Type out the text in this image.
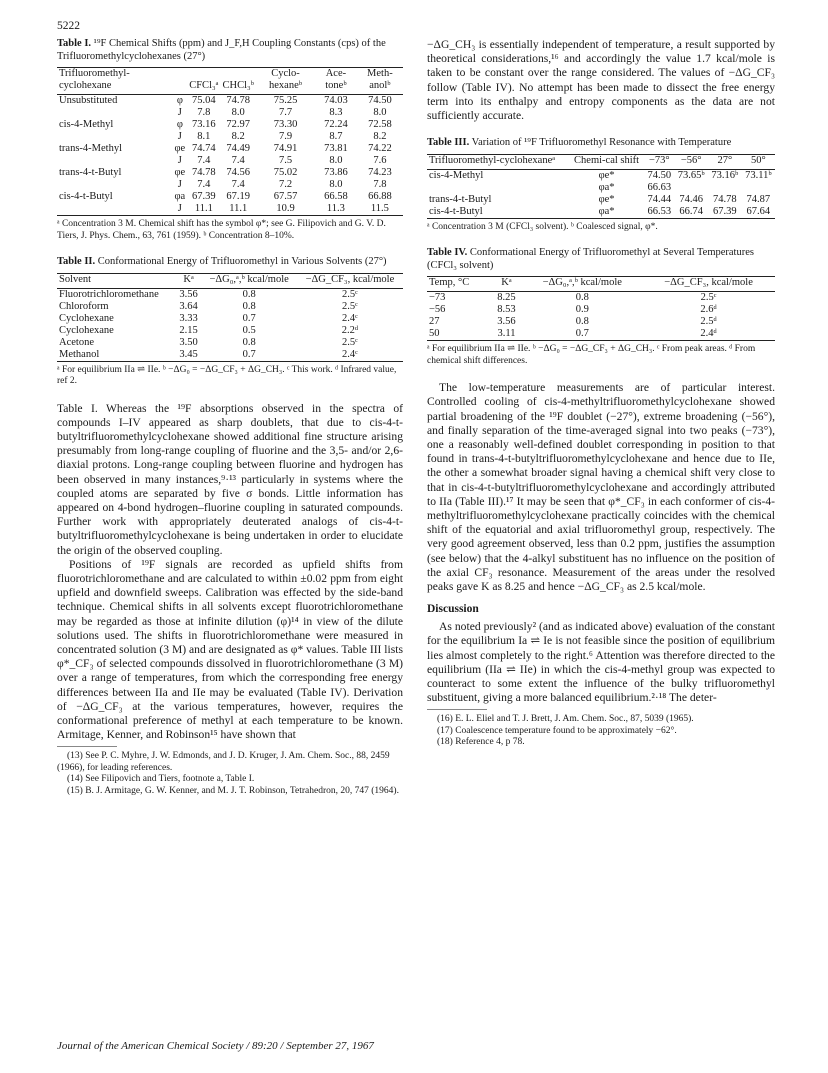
5222

Table I. ¹⁹F Chemical Shifts (ppm) and J_F,H Coupling Constants (cps) of the Trifluoromethylcyclohexanes (27°)

Trifluoromethyl-cyclohexane		CFCl₃ᵃ	CHCl₃ᵇ	Cyclo-hexaneᵇ	Ace-toneᵇ	Meth-anolᵇ
Unsubstituted	φ	75.04	74.78	75.25	74.03	74.50
	J	7.8	8.0	7.7	8.3	8.0
cis-4-Methyl	φ	73.16	72.97	73.30	72.24	72.58
	J	8.1	8.2	7.9	8.7	8.2
trans-4-Methyl	φe	74.74	74.49	74.91	73.81	74.22
	J	7.4	7.4	7.5	8.0	7.6
trans-4-t-Butyl	φe	74.78	74.56	75.02	73.86	74.23
	J	7.4	7.4	7.2	8.0	7.8
cis-4-t-Butyl	φa	67.39	67.19	67.57	66.58	66.88
	J	11.1	11.1	10.9	11.3	11.5

ᵃ Concentration 3 M. Chemical shift has the symbol φ*; see G. Filipovich and G. V. D. Tiers, J. Phys. Chem., 63, 761 (1959). ᵇ Concentration 8–10%.

Table II. Conformational Energy of Trifluoromethyl in Various Solvents (27°)

Solvent	Kᵃ	−ΔG₀,ᵃ,ᵇ kcal/mole	−ΔG_CF₃, kcal/mole
Fluorotrichloromethane	3.56	0.8	2.5ᶜ
Chloroform	3.64	0.8	2.5ᶜ
Cyclohexane	3.33	0.7	2.4ᶜ
Cyclohexane	2.15	0.5	2.2ᵈ
Acetone	3.50	0.8	2.5ᶜ
Methanol	3.45	0.7	2.4ᶜ

ᵃ For equilibrium IIa ⇌ IIe. ᵇ −ΔG₀ = −ΔG_CF₃ + ΔG_CH₃. ᶜ This work. ᵈ Infrared value, ref 2.

Table I. Whereas the ¹⁹F absorptions observed in the spectra of compounds I–IV appeared as sharp doublets, that due to cis-4-t-butyltrifluoromethylcyclohexane showed additional fine structure arising presumably from long-range coupling of fluorine and the 3,5- and/or 2,6-diaxial protons. Long-range coupling between fluorine and hydrogen has been observed in many instances,⁹·¹³ particularly in systems where the coupled atoms are separated by five σ bonds. Little information has appeared on 4-bond hydrogen–fluorine coupling in saturated compounds. Further work with appropriately deuterated analogs of cis-4-t-butyltrifluoromethylcyclohexane is being undertaken in order to elucidate the origin of the observed coupling.

Positions of ¹⁹F signals are recorded as upfield shifts from fluorotrichloromethane and are calculated to within ±0.02 ppm from eight upfield and downfield sweeps. Calibration was effected by the side-band technique. Chemical shifts in all solvents except fluorotrichloromethane may be regarded as those at infinite dilution (φ)¹⁴ in view of the dilute solutions used. The shifts in fluorotrichloromethane were measured in concentrated solution (3 M) and are designated as φ* values. Table III lists φ*_CF₃ of selected compounds dissolved in fluorotrichloromethane (3 M) over a range of temperatures, from which the corresponding free energy differences between IIa and IIe may be evaluated (Table IV). Derivation of −ΔG_CF₃ at the various temperatures, however, requires the conformational preference of methyl at each temperature to be known. Armitage, Kenner, and Robinson¹⁵ have shown that

(13) See P. C. Myhre, J. W. Edmonds, and J. D. Kruger, J. Am. Chem. Soc., 88, 2459 (1966), for leading references.
(14) See Filipovich and Tiers, footnote a, Table I.
(15) B. J. Armitage, G. W. Kenner, and M. J. T. Robinson, Tetrahedron, 20, 747 (1964).

−ΔG_CH₃ is essentially independent of temperature, a result supported by theoretical considerations,¹⁶ and accordingly the value 1.7 kcal/mole is taken to be constant over the range considered. The values of −ΔG_CF₃ follow (Table IV). No attempt has been made to dissect the free energy term into its enthalpy and entropy components as the data are not sufficiently accurate.

Table III. Variation of ¹⁹F Trifluoromethyl Resonance with Temperature

Trifluoromethyl-cyclohexaneᵃ	Chemi-cal shift	−73°	−56°	27°	50°
cis-4-Methyl	φe*	74.50	73.65ᵇ	73.16ᵇ	73.11ᵇ
	φa*	66.63			
trans-4-t-Butyl	φe*	74.44	74.46	74.78	74.87
cis-4-t-Butyl	φa*	66.53	66.74	67.39	67.64

ᵃ Concentration 3 M (CFCl₃ solvent). ᵇ Coalesced signal, φ*.

Table IV. Conformational Energy of Trifluoromethyl at Several Temperatures (CFCl₃ solvent)

Temp, °C	Kᵃ	−ΔG₀,ᵃ,ᵇ kcal/mole	−ΔG_CF₃, kcal/mole
−73	8.25	0.8	2.5ᶜ
−56	8.53	0.9	2.6ᵈ
27	3.56	0.8	2.5ᵈ
50	3.11	0.7	2.4ᵈ

ᵃ For equilibrium IIa ⇌ IIe. ᵇ −ΔG₀ = −ΔG_CF₃ + ΔG_CH₃. ᶜ From peak areas. ᵈ From chemical shift differences.

The low-temperature measurements are of particular interest. Controlled cooling of cis-4-methyltrifluoromethylcyclohexane showed partial broadening of the ¹⁹F doublet (−27°), extreme broadening (−56°), and finally separation of the time-averaged signal into two peaks (−73°), one a reasonably well-defined doublet corresponding in position to that found in trans-4-t-butyltrifluoromethylcyclohexane and hence due to IIe, the other a somewhat broader signal having a chemical shift very close to that in cis-4-t-butyltrifluoromethylcyclohexane and accordingly attributed to IIa (Table III).¹⁷ It may be seen that φ*_CF₃ in each conformer of cis-4-methyltrifluoromethylcyclohexane practically coincides with the chemical shift of the equatorial and axial trifluoromethyl group, respectively. The very good agreement observed, less than 0.2 ppm, justifies the assumption (see below) that the 4-alkyl substituent has no influence on the position of the axial CF₃ resonance. Measurement of the areas under the resolved peaks gave K as 8.25 and hence −ΔG_CF₃ as 2.5 kcal/mole.

Discussion

As noted previously² (and as indicated above) evaluation of the constant for the equilibrium Ia ⇌ Ie is not feasible since the position of equilibrium lies almost completely to the right.⁶ Attention was therefore directed to the equilibrium (IIa ⇌ IIe) in which the cis-4-methyl group was expected to counteract to some extent the influence of the bulky trifluoromethyl substituent, giving a more balanced equilibrium.²·¹⁸ The deter-

(16) E. L. Eliel and T. J. Brett, J. Am. Chem. Soc., 87, 5039 (1965).
(17) Coalescence temperature found to be approximately −62°.
(18) Reference 4, p 78.
Journal of the American Chemical Society / 89:20 / September 27, 1967
